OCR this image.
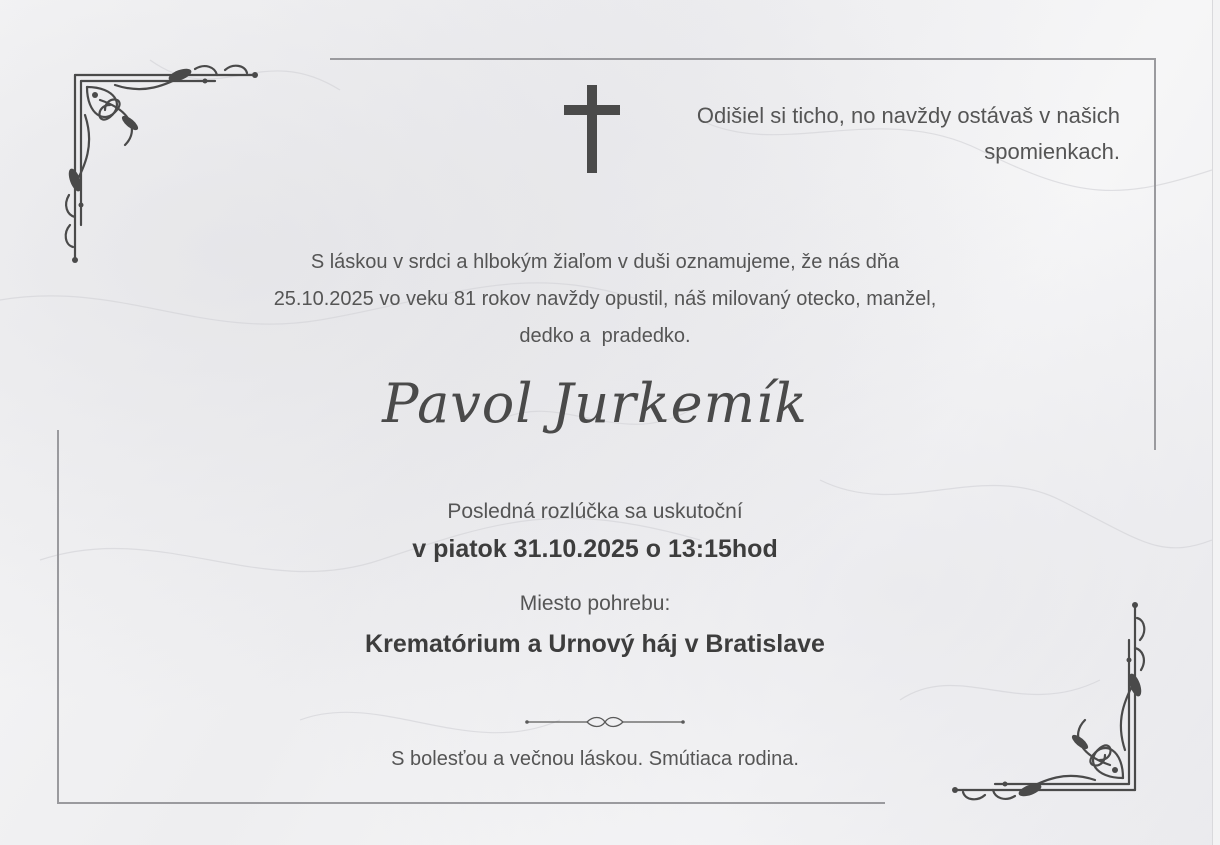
Odišiel si ticho, no navždy ostávaš v našich
spomienkach.
S láskou v srdci a hlbokým žiaľom v duši oznamujeme, že nás dňa
25.10.2025 vo veku 81 rokov navždy opustil, náš milovaný otecko, manžel,
dedko a  pradedko.
Pavol Jurkemík
Posledná rozlúčka sa uskutoční
v piatok 31.10.2025 o 13:15hod
Miesto pohrebu:
Krematórium a Urnový háj v Bratislave
S bolesťou a večnou láskou. Smútiaca rodina.
